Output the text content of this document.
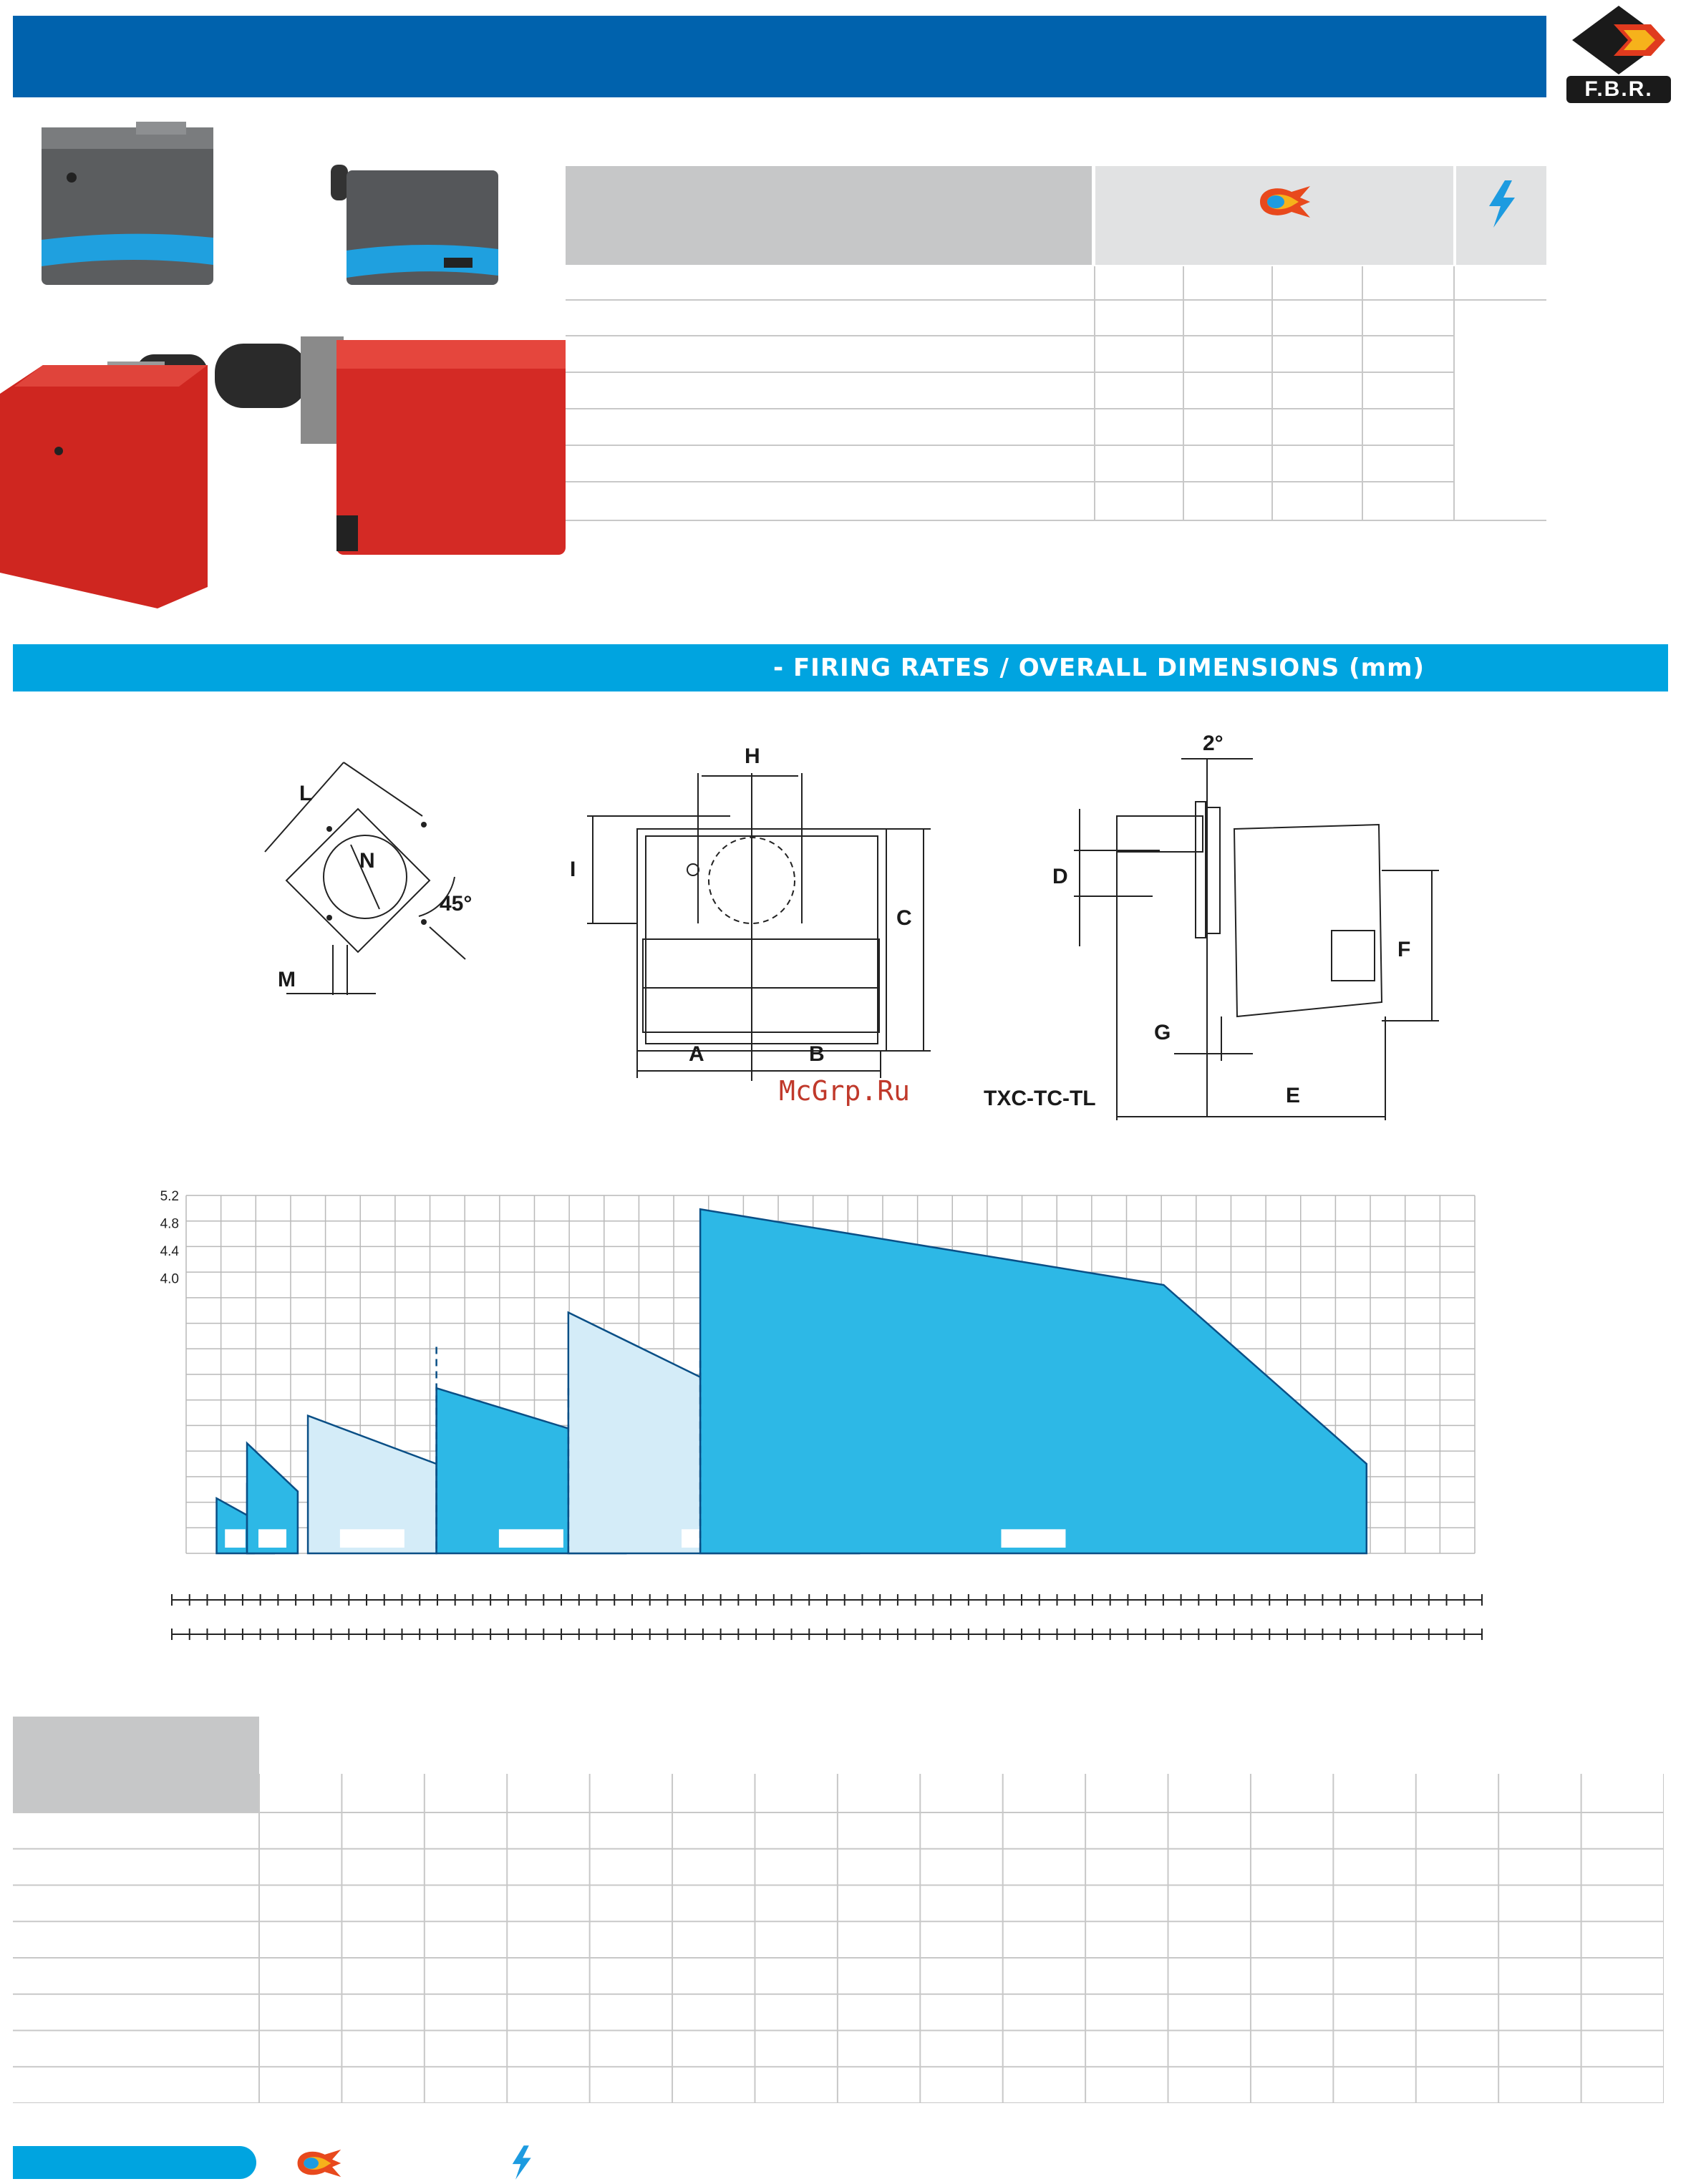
F.B.R.
- FIRING RATES / OVERALL DIMENSIONS (mm)
L
N
45°
M
H
I
C
A	B
2°
D
F
G
E
TXC-TC-TL
McGrp.Ru
5.2
4.8
4.4
4.0
